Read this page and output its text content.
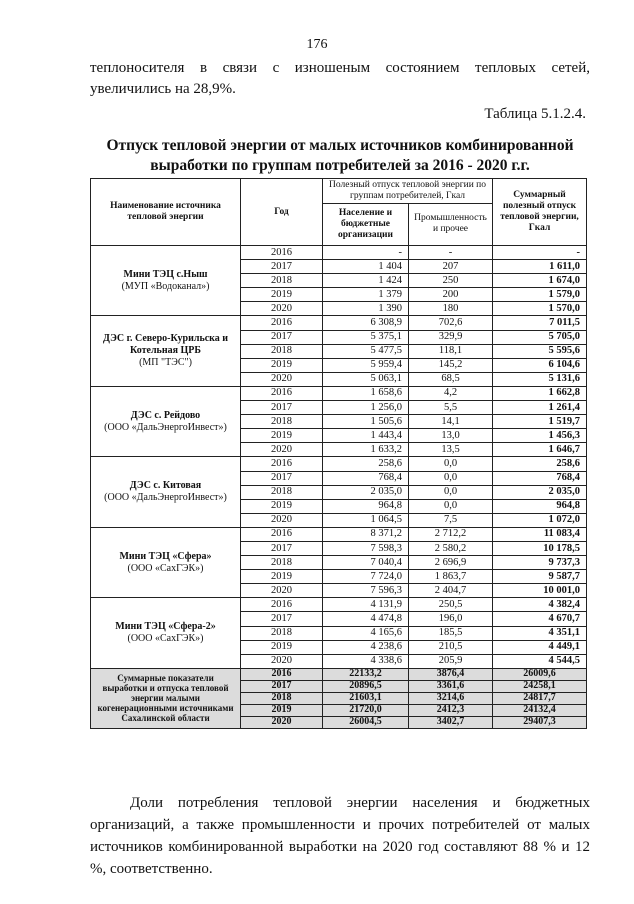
176
теплоносителя в связи с изношеным состоянием тепловых сетей, увеличились на 28,9%.
Таблица 5.1.2.4.
Отпуск тепловой энергии от малых источников комбинированной выработки по группам потребителей за 2016 - 2020 г.г.
Наименование источника тепловой энергии	Год	Полезный отпуск тепловой энергии по группам потребителей, Гкал		Суммарный полезный отпуск тепловой энергии, Гкал
		Население и бюджетные организации	Промышленность и прочее	

Мини ТЭЦ с.Ныш
(МУП «Водоканал»)	2016	-	-	-
	2017	1 404	207	1 611,0
	2018	1 424	250	1 674,0
	2019	1 379	200	1 579,0
	2020	1 390	180	1 570,0

ДЭС г. Северо-Курильска и Котельная ЦРБ
(МП "ТЭС")	2016	6 308,9	702,6	7 011,5
	2017	5 375,1	329,9	5 705,0
	2018	5 477,5	118,1	5 595,6
	2019	5 959,4	145,2	6 104,6
	2020	5 063,1	68,5	5 131,6

ДЭС с. Рейдово
(ООО «ДальЭнергоИнвест»)	2016	1 658,6	4,2	1 662,8
	2017	1 256,0	5,5	1 261,4
	2018	1 505,6	14,1	1 519,7
	2019	1 443,4	13,0	1 456,3
	2020	1 633,2	13,5	1 646,7

ДЭС с. Китовая
(ООО «ДальЭнергоИнвест»)	2016	258,6	0,0	258,6
	2017	768,4	0,0	768,4
	2018	2 035,0	0,0	2 035,0
	2019	964,8	0,0	964,8
	2020	1 064,5	7,5	1 072,0

Мини ТЭЦ «Сфера»
(ООО «СахГЭК»)	2016	8 371,2	2 712,2	11 083,4
	2017	7 598,3	2 580,2	10 178,5
	2018	7 040,4	2 696,9	9 737,3
	2019	7 724,0	1 863,7	9 587,7
	2020	7 596,3	2 404,7	10 001,0

Мини ТЭЦ «Сфера-2»
(ООО «СахГЭК»)	2016	4 131,9	250,5	4 382,4
	2017	4 474,8	196,0	4 670,7
	2018	4 165,6	185,5	4 351,1
	2019	4 238,6	210,5	4 449,1
	2020	4 338,6	205,9	4 544,5
Суммарные показатели выработки и отпуска тепловой энергии малыми когенерационными источниками Сахалинской области	2016	22133,2	3876,4	26009,6
	2017	20896,5	3361,6	24258,1
	2018	21603,1	3214,6	24817,7
	2019	21720,0	2412,3	24132,4
	2020	26004,5	3402,7	29407,3
Доли потребления тепловой энергии населения и бюджетных организаций, а также промышленности и прочих потребителей от малых источников комбинированной выработки на 2020 год составляют 88 % и 12 %, соответственно.
